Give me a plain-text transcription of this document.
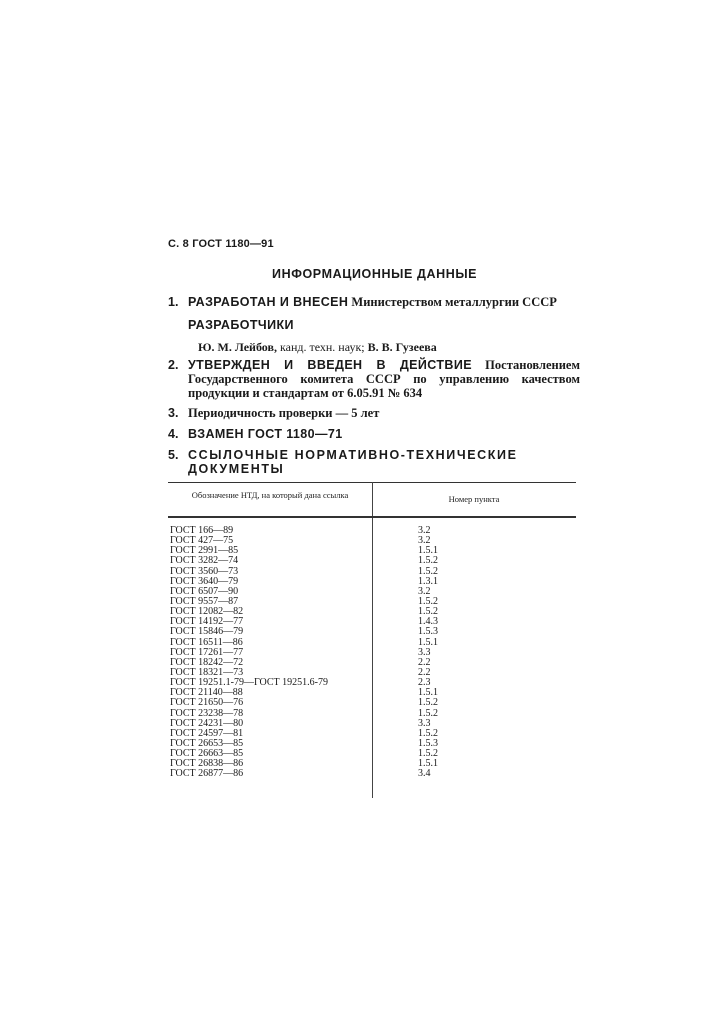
С. 8 ГОСТ 1180—91
ИНФОРМАЦИОННЫЕ ДАННЫЕ
1. РАЗРАБОТАН И ВНЕСЕН Министерством металлургии СССР
РАЗРАБОТЧИКИ
Ю. М. Лейбов, канд. техн. наук; В. В. Гузеева
2. УТВЕРЖДЕН И ВВЕДЕН В ДЕЙСТВИЕ Постановлением Государственного комитета СССР по управлению качеством продукции и стандартам от 6.05.91 № 634
3. Периодичность проверки — 5 лет
4. ВЗАМЕН ГОСТ 1180—71
5. ССЫЛОЧНЫЕ НОРМАТИВНО-ТЕХНИЧЕСКИЕ ДОКУМЕНТЫ
Обозначение НТД, на который дана ссылка	Номер пункта
ГОСТ 166—89	3.2
ГОСТ 427—75	3.2
ГОСТ 2991—85	1.5.1
ГОСТ 3282—74	1.5.2
ГОСТ 3560—73	1.5.2
ГОСТ 3640—79	1.3.1
ГОСТ 6507—90	3.2
ГОСТ 9557—87	1.5.2
ГОСТ 12082—82	1.5.2
ГОСТ 14192—77	1.4.3
ГОСТ 15846—79	1.5.3
ГОСТ 16511—86	1.5.1
ГОСТ 17261—77	3.3
ГОСТ 18242—72	2.2
ГОСТ 18321—73	2.2
ГОСТ 19251.1-79—ГОСТ 19251.6-79	2.3
ГОСТ 21140—88	1.5.1
ГОСТ 21650—76	1.5.2
ГОСТ 23238—78	1.5.2
ГОСТ 24231—80	3.3
ГОСТ 24597—81	1.5.2
ГОСТ 26653—85	1.5.3
ГОСТ 26663—85	1.5.2
ГОСТ 26838—86	1.5.1
ГОСТ 26877—86	3.4
